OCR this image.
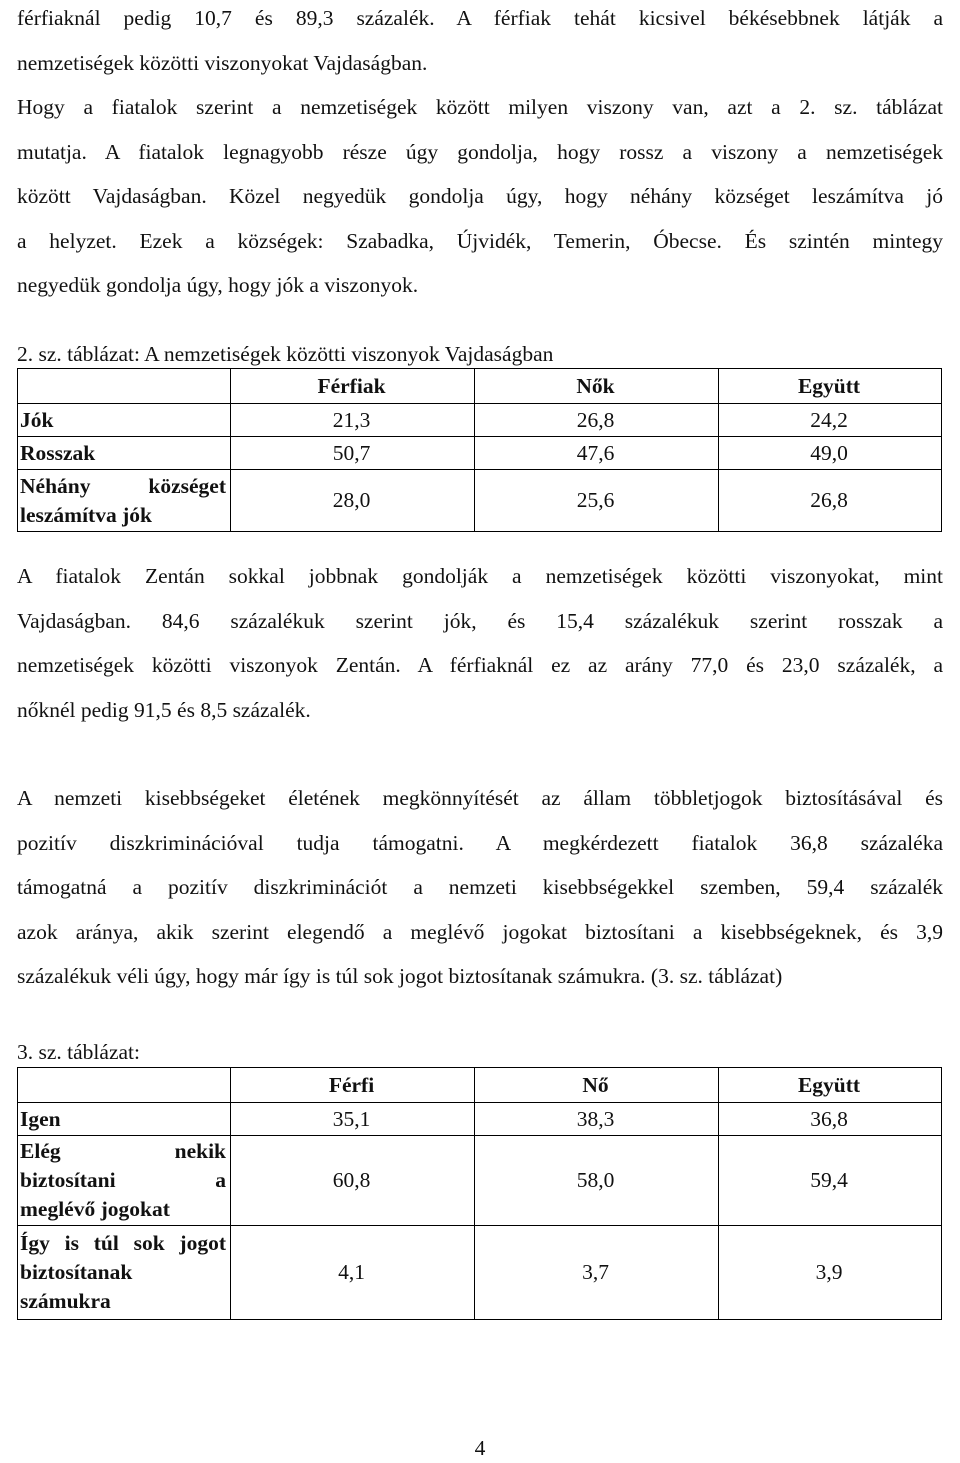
férfiaknál pedig 10,7 és 89,3 százalék. A férfiak tehát kicsivel békésebbnek látják a

nemzetiségek közötti viszonyokat Vajdaságban.

Hogy a fiatalok szerint a nemzetiségek között milyen viszony van, azt a 2. sz. táblázat

mutatja. A fiatalok legnagyobb része úgy gondolja, hogy rossz a viszony a nemzetiségek

között Vajdaságban. Közel negyedük gondolja úgy, hogy néhány községet leszámítva jó

a helyzet. Ezek a községek: Szabadka, Újvidék, Temerin, Óbecse. És szintén mintegy

negyedük gondolja úgy, hogy jók a viszonyok.

2. sz. táblázat: A nemzetiségek közötti viszonyok Vajdaságban
	Férfiak	Nők	Együtt
Jók	21,3	26,8	24,2
Rosszak	50,7	47,6	49,0

Néhány községet
leszámítva jók	28,0	25,6	26,8

A fiatalok Zentán sokkal jobbnak gondolják a nemzetiségek közötti viszonyokat, mint

Vajdaságban. 84,6 százalékuk szerint jók, és 15,4 százalékuk szerint rosszak a

nemzetiségek közötti viszonyok Zentán. A férfiaknál ez az arány 77,0 és 23,0 százalék, a

nőknél pedig 91,5 és 8,5 százalék.

A nemzeti kisebbségeket életének megkönnyítését az állam többletjogok biztosításával és

pozitív diszkriminációval tudja támogatni. A megkérdezett fiatalok 36,8 százaléka

támogatná a pozitív diszkriminációt a nemzeti kisebbségekkel szemben, 59,4 százalék

azok aránya, akik szerint elegendő a meglévő jogokat biztosítani a kisebbségeknek, és 3,9

százalékuk véli úgy, hogy már így is túl sok jogot biztosítanak számukra. (3. sz. táblázat)

3. sz. táblázat:
	Férfi	Nő	Együtt
Igen	35,1	38,3	36,8

Elég nekik
biztosítani a
meglévő jogokat	60,8	58,0	59,4

Így is túl sok jogot
biztosítanak
számukra	4,1	3,7	3,9
4
